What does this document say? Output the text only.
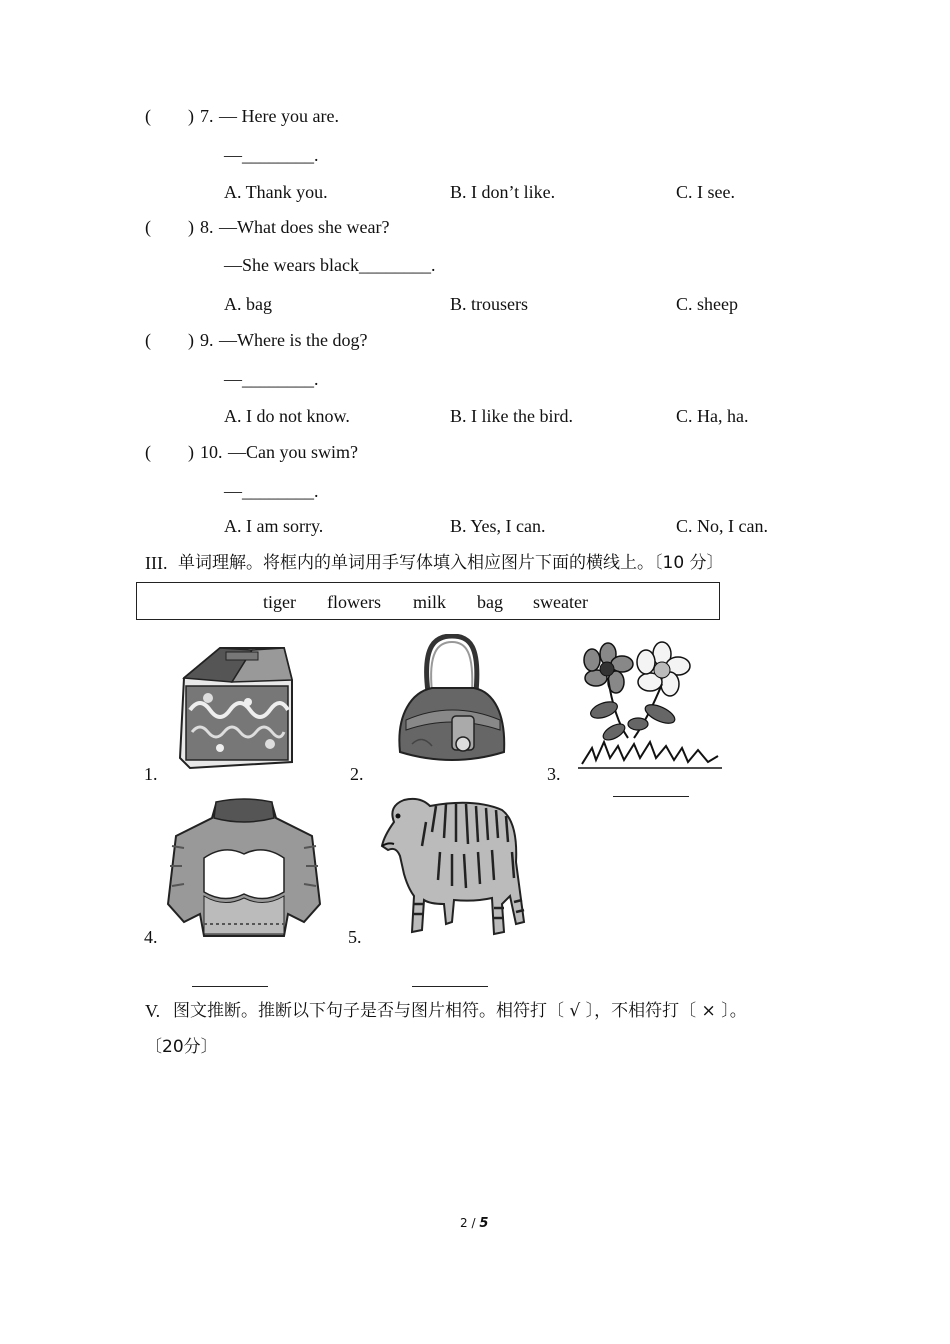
( ) 7. — Here you are.
—________.
A. Thank you.	B. I don’t like.	C. I see.
( ) 8. —What does she wear?
—She wears black________.
A. bag	B. trousers	C. sheep
( ) 9. —Where is the dog?
—________.
A. I do not know.	B. I like the bird.	C. Ha, ha.
( ) 10. —Can you swim?
—________.
A. I am sorry.	B. Yes, I can.	C. No, I can.
III. 单词理解。将框内的单词用手写体填入相应图片下面的横线上。〔10 分〕
tiger flowers milk bag sweater
1.	2.	3.
4.	5.
V. 图文推断。推断以下句子是否与图片相符。相符打〔 √ 〕，不相符打〔 × 〕。
〔20分〕
2 / 5
